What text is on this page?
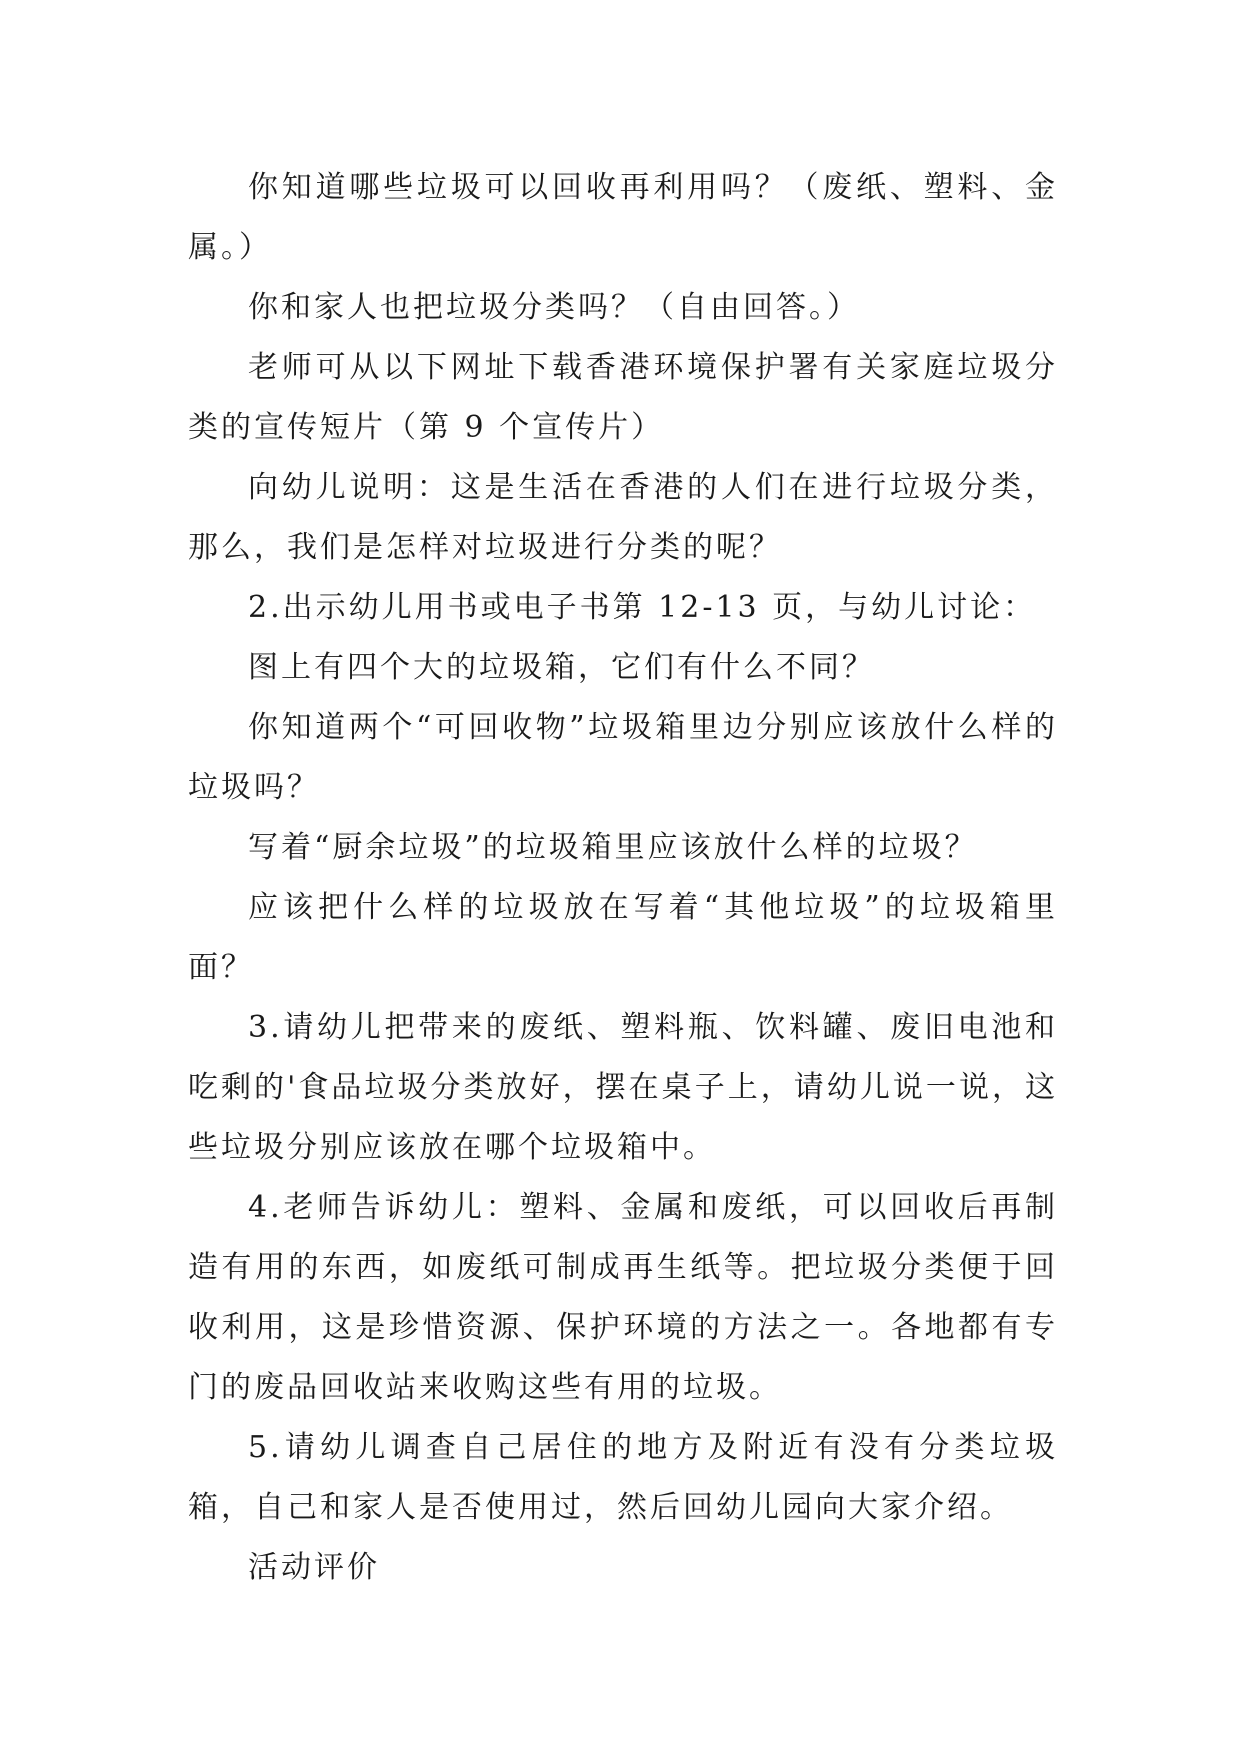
你知道哪些垃圾可以回收再利用吗？（废纸、塑料、金属。）

你和家人也把垃圾分类吗？（自由回答。）

老师可从以下网址下载香港环境保护署有关家庭垃圾分类的宣传短片（第 9 个宣传片）

向幼儿说明：这是生活在香港的人们在进行垃圾分类，那么，我们是怎样对垃圾进行分类的呢？

2.出示幼儿用书或电子书第 12-13 页，与幼儿讨论：

图上有四个大的垃圾箱，它们有什么不同？

你知道两个“可回收物”垃圾箱里边分别应该放什么样的垃圾吗？

写着“厨余垃圾”的垃圾箱里应该放什么样的垃圾？

应该把什么样的垃圾放在写着“其他垃圾”的垃圾箱里面？

3.请幼儿把带来的废纸、塑料瓶、饮料罐、废旧电池和吃剩的'食品垃圾分类放好，摆在桌子上，请幼儿说一说，这些垃圾分别应该放在哪个垃圾箱中。

4.老师告诉幼儿：塑料、金属和废纸，可以回收后再制造有用的东西，如废纸可制成再生纸等。把垃圾分类便于回收利用，这是珍惜资源、保护环境的方法之一。各地都有专门的废品回收站来收购这些有用的垃圾。

5.请幼儿调查自己居住的地方及附近有没有分类垃圾箱，自己和家人是否使用过，然后回幼儿园向大家介绍。

活动评价
